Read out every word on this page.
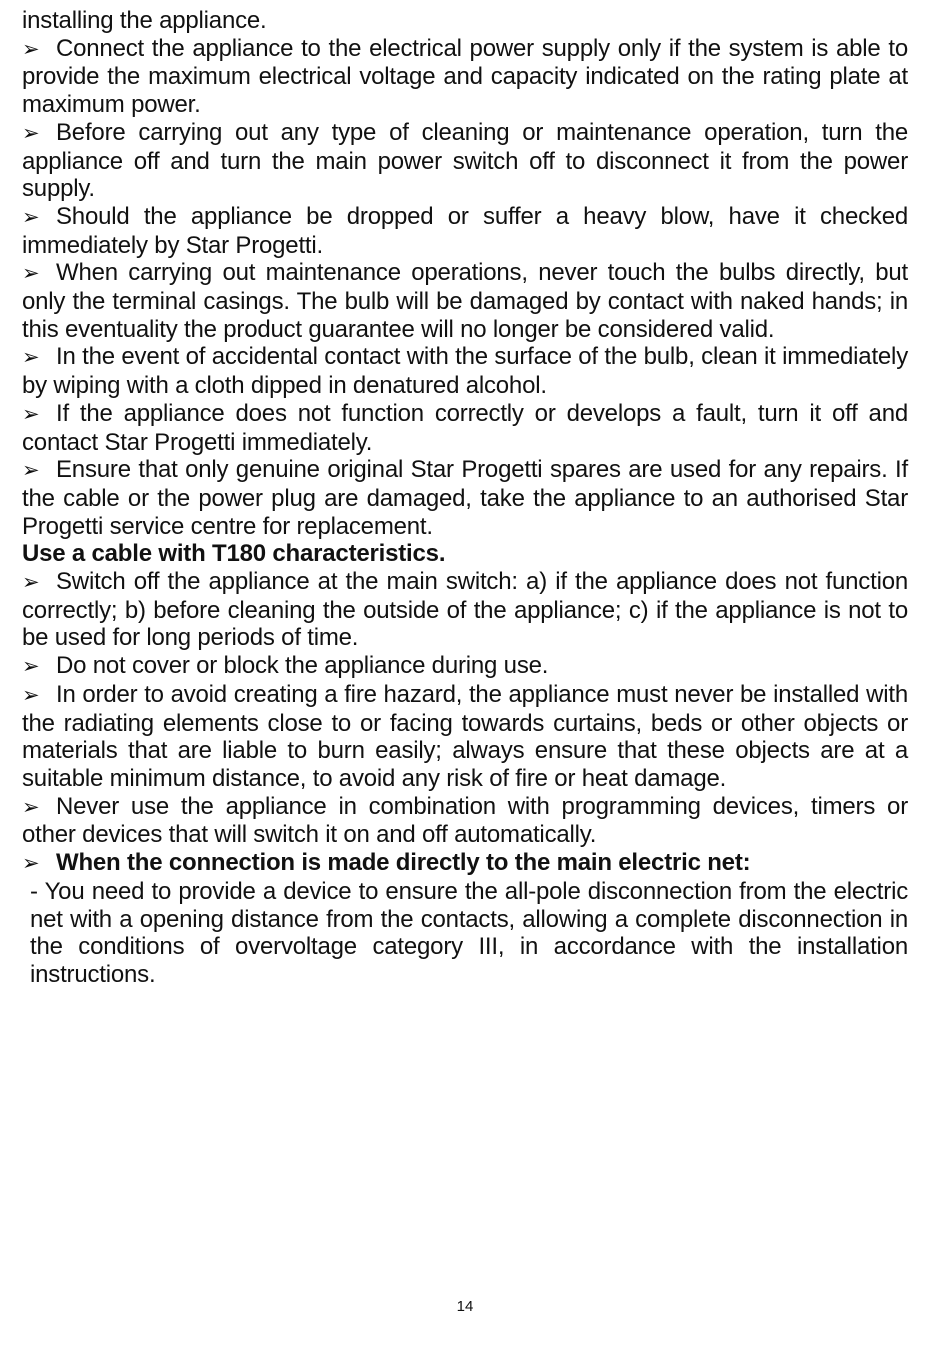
installing the appliance.

➢ Connect the appliance to the electrical power supply only if the system is able to provide the maximum electrical voltage and capacity indicated on the rating plate at maximum power.

➢ Before carrying out any type of cleaning or maintenance operation, turn the appliance off and turn the main power switch off to disconnect it from the power supply.

➢ Should the appliance be dropped or suffer a heavy blow, have it checked immediately by Star Progetti.

➢ When carrying out maintenance operations, never touch the bulbs directly, but only the terminal casings. The bulb will be damaged by contact with naked hands; in this eventuality the product guarantee will no longer be considered valid.

➢ In the event of accidental contact with the surface of the bulb, clean it immediately by wiping with a cloth dipped in denatured alcohol.

➢ If the appliance does not function correctly or develops a fault, turn it off and contact Star Progetti immediately.

➢ Ensure that only genuine original Star Progetti spares are used for any repairs. If the cable or the power plug are damaged, take the appliance to an authorised Star Progetti service centre for replacement.

Use a cable with T180 characteristics.

➢ Switch off the appliance at the main switch: a) if the appliance does not function correctly; b) before cleaning the outside of the appliance; c) if the appliance is not to be used for long periods of time.

➢ Do not cover or block the appliance during use.

➢ In order to avoid creating a fire hazard, the appliance must never be installed with the radiating elements close to or facing towards curtains, beds or other objects or materials that are liable to burn easily; always ensure that these objects are at a suitable minimum distance, to avoid any risk of fire or heat damage.

➢ Never use the appliance in combination with programming devices, timers or other devices that will switch it on and off automatically.

➢ When the connection is made directly to the main electric net:

- You need to provide a device to ensure the all-pole disconnection from the electric net with a opening distance from the contacts, allowing a complete disconnection in the conditions of overvoltage category III, in accordance with the installation instructions.

14
